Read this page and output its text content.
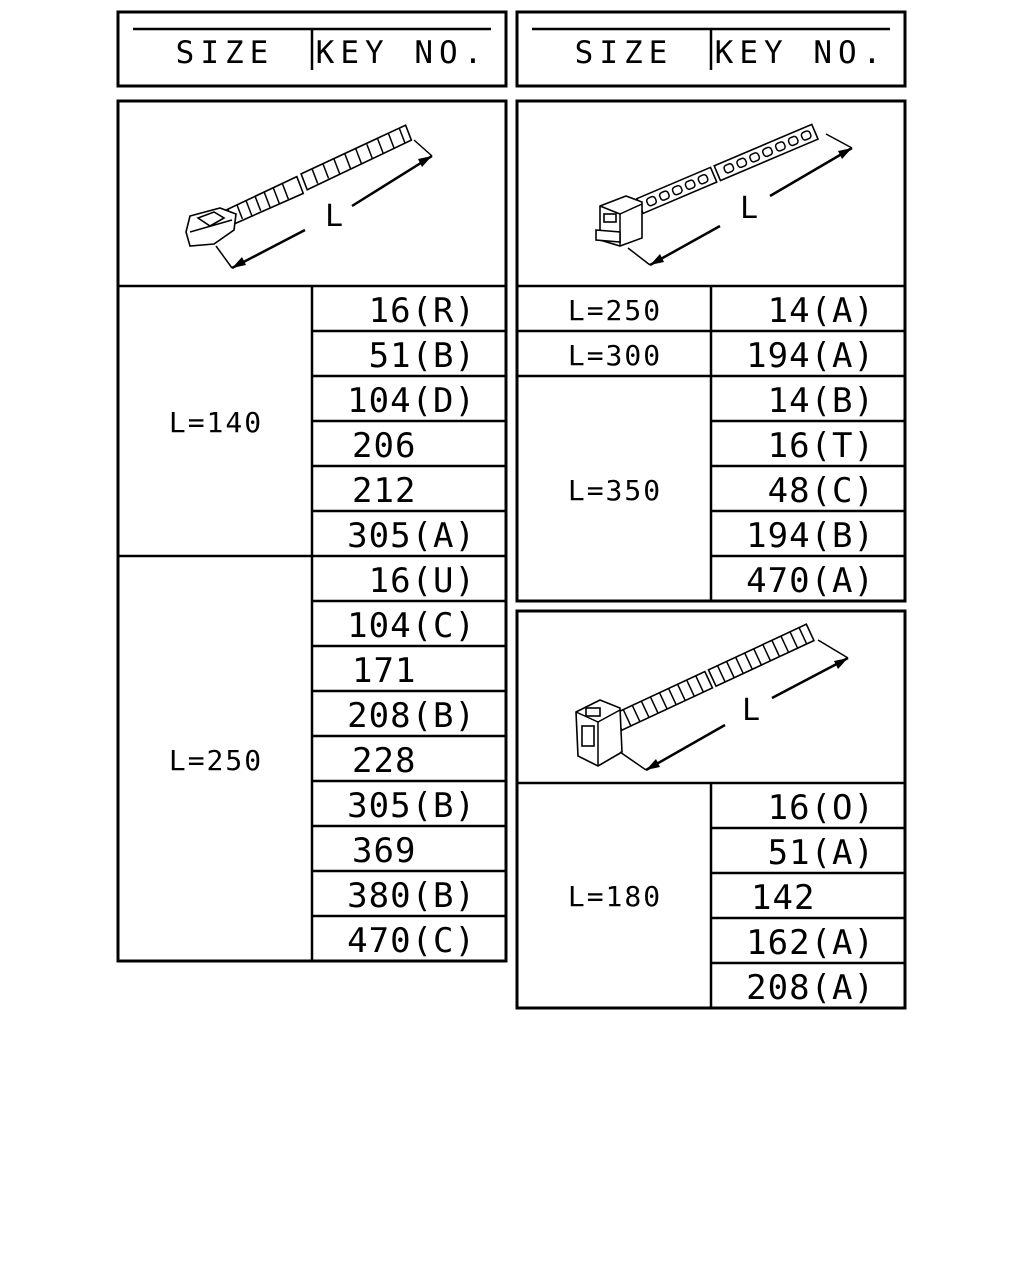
SIZE KEY NO.	SIZE KEY NO.
L=140
L=250
16(R)
51(B)
104(D)
206
212
305(A)
16(U)
104(C)
171
208(B)
228
305(B)
369
380(B)
470(C)
L
L=250
L=300
L=350
14(A)
194(A)
14(B)
16(T)
48(C)
194(B)
470(A)
L
L=180
16(O)
51(A)
142
162(A)
208(A)
L
